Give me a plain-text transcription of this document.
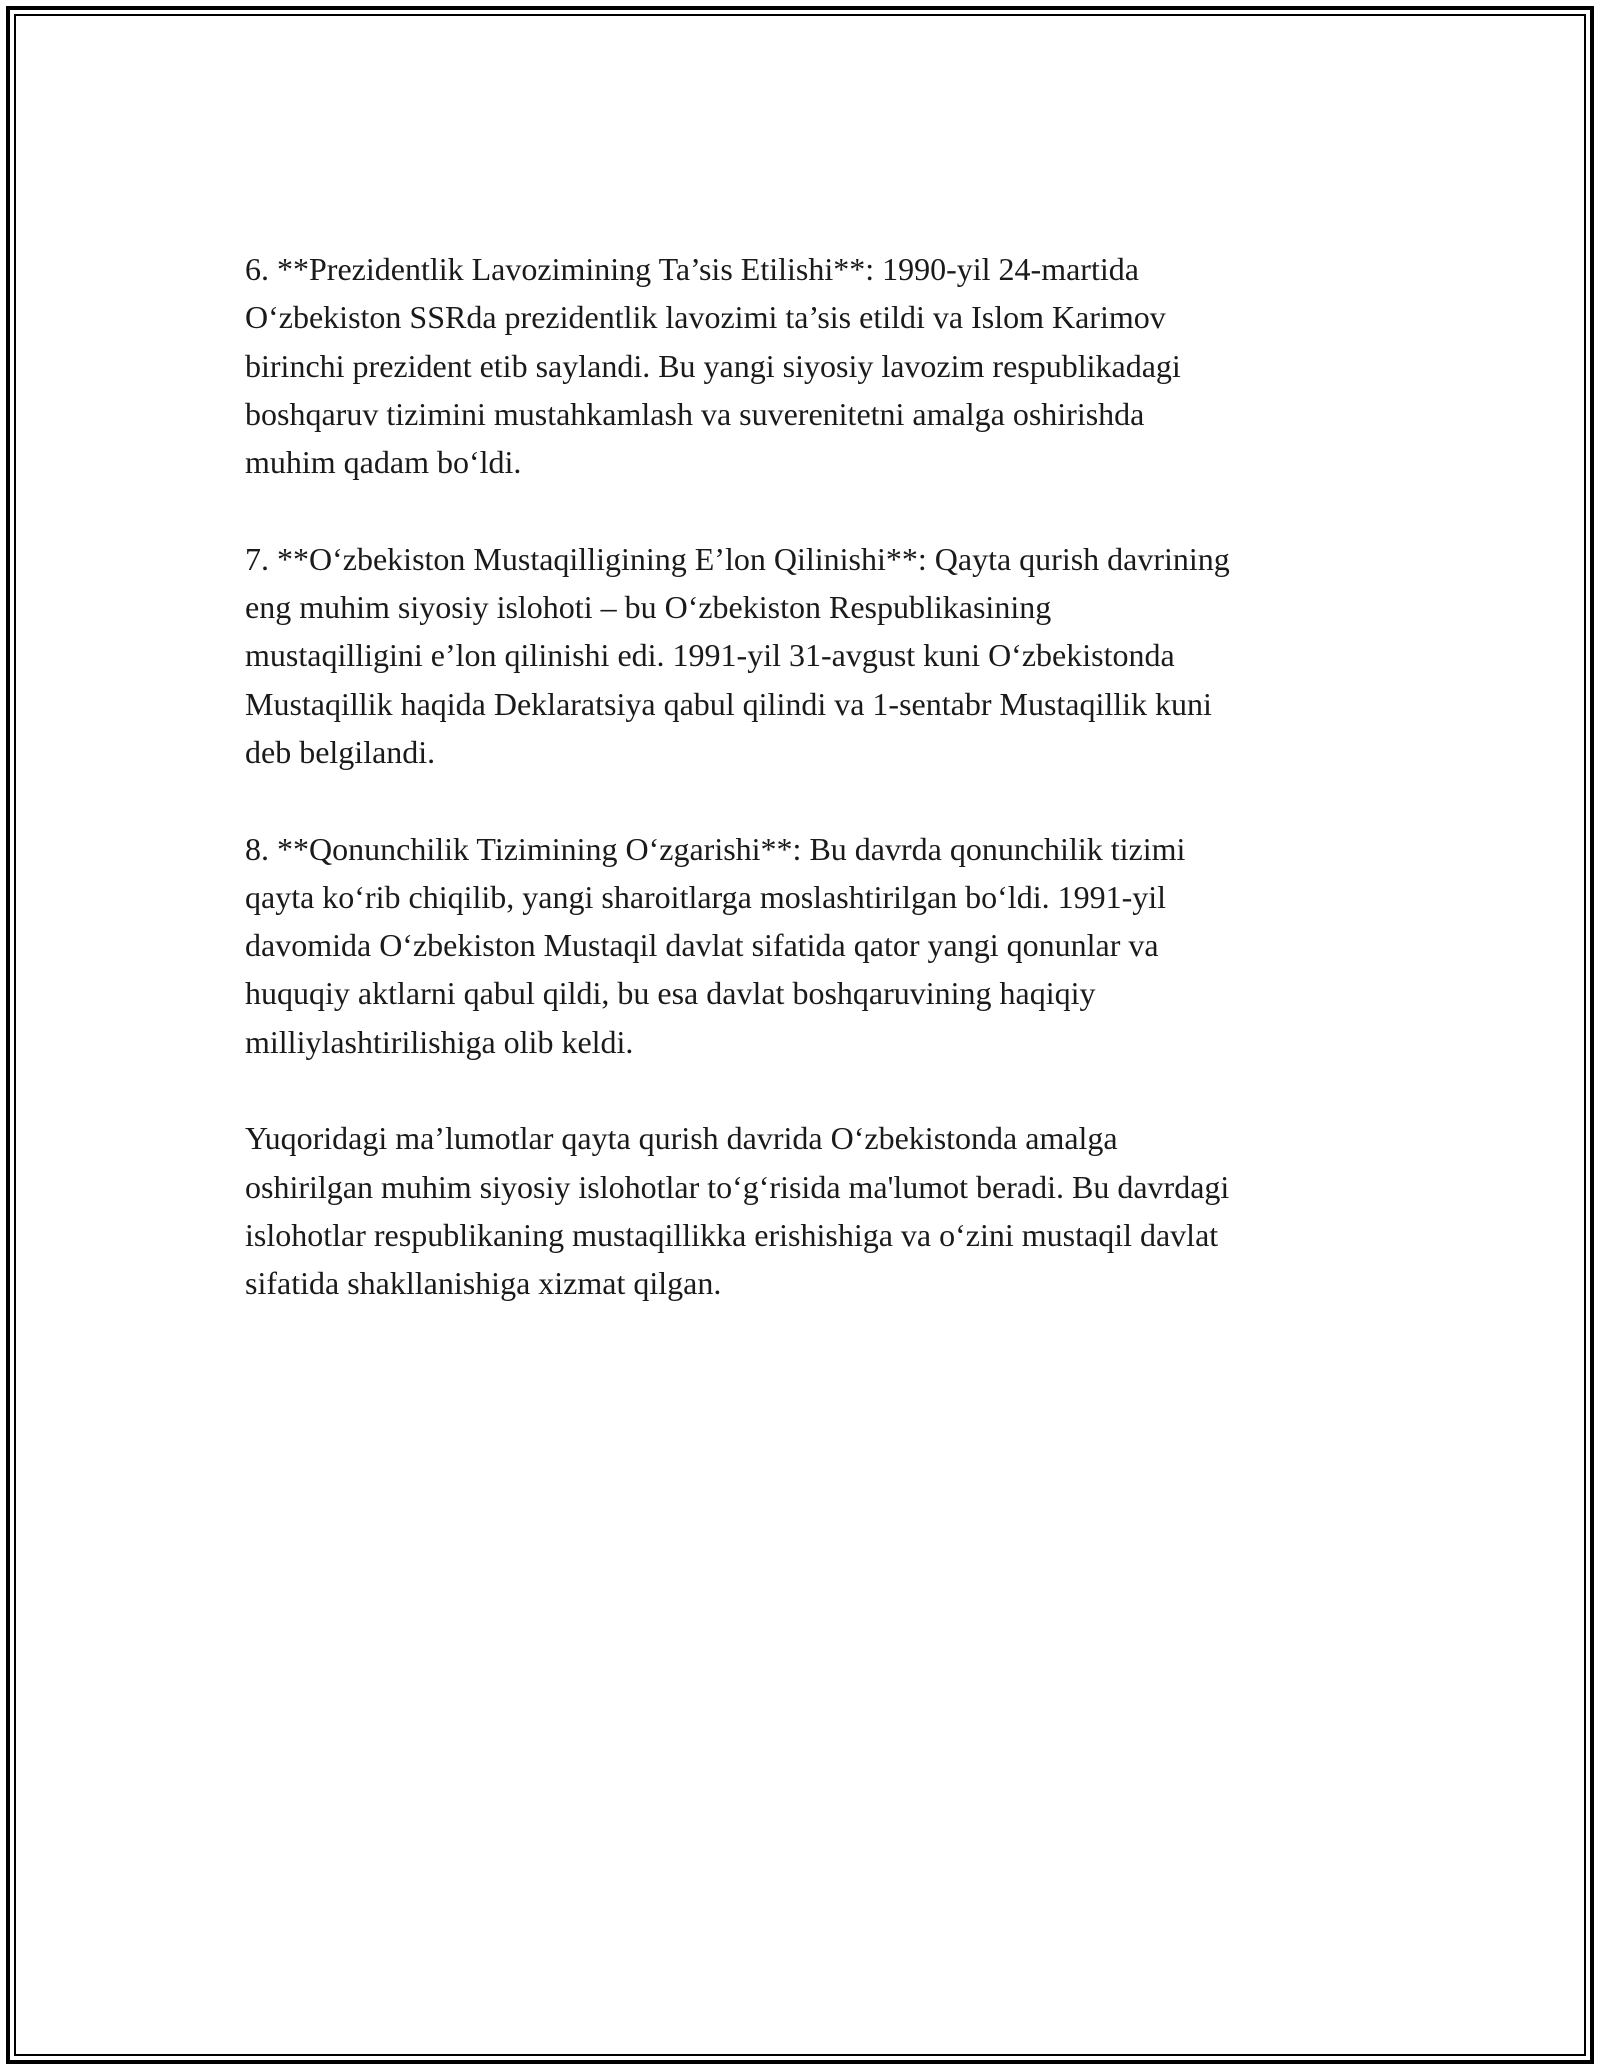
6. **Prezidentlik Lavozimining Ta’sis Etilishi**: 1990-yil 24-martida
O‘zbekiston SSRda prezidentlik lavozimi ta’sis etildi va Islom Karimov
birinchi prezident etib saylandi. Bu yangi siyosiy lavozim respublikadagi
boshqaruv tizimini mustahkamlash va suverenitetni amalga oshirishda
muhim qadam bo‘ldi.

7. **O‘zbekiston Mustaqilligining E’lon Qilinishi**: Qayta qurish davrining
eng muhim siyosiy islohoti – bu O‘zbekiston Respublikasining
mustaqilligini e’lon qilinishi edi. 1991-yil 31-avgust kuni O‘zbekistonda
Mustaqillik haqida Deklaratsiya qabul qilindi va 1-sentabr Mustaqillik kuni
deb belgilandi.

8. **Qonunchilik Tizimining O‘zgarishi**: Bu davrda qonunchilik tizimi
qayta ko‘rib chiqilib, yangi sharoitlarga moslashtirilgan bo‘ldi. 1991-yil
davomida O‘zbekiston Mustaqil davlat sifatida qator yangi qonunlar va
huquqiy aktlarni qabul qildi, bu esa davlat boshqaruvining haqiqiy
milliylashtirilishiga olib keldi.

Yuqoridagi ma’lumotlar qayta qurish davrida O‘zbekistonda amalga
oshirilgan muhim siyosiy islohotlar to‘g‘risida ma'lumot beradi. Bu davrdagi
islohotlar respublikaning mustaqillikka erishishiga va o‘zini mustaqil davlat
sifatida shakllanishiga xizmat qilgan.
